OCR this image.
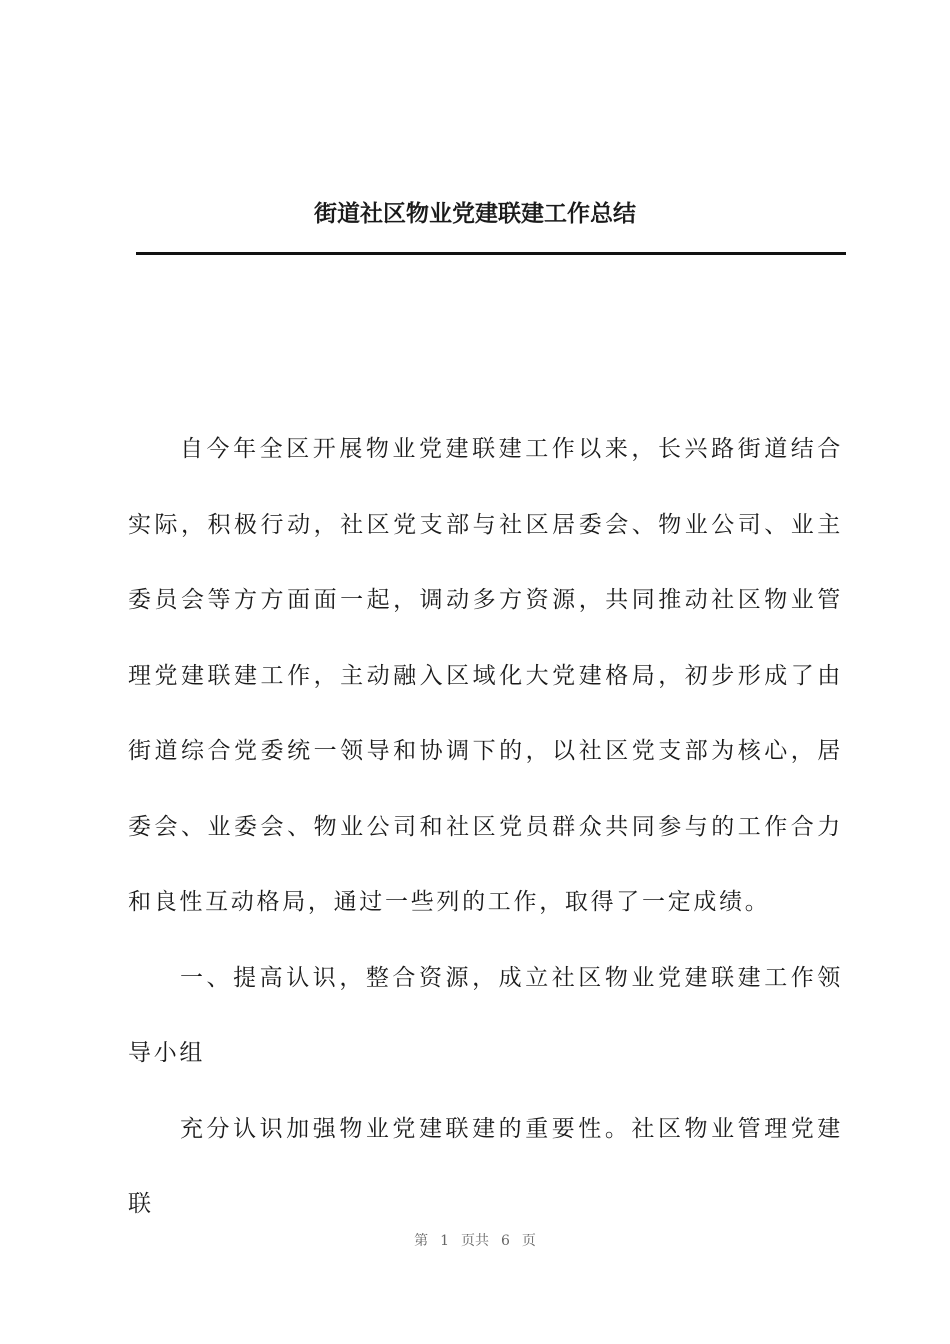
街道社区物业党建联建工作总结

自今年全区开展物业党建联建工作以来，长兴路街道结合实际，积极行动，社区党支部与社区居委会、物业公司、业主委员会等方方面面一起，调动多方资源，共同推动社区物业管理党建联建工作，主动融入区域化大党建格局，初步形成了由街道综合党委统一领导和协调下的，以社区党支部为核心，居委会、业委会、物业公司和社区党员群众共同参与的工作合力和良性互动格局，通过一些列的工作，取得了一定成绩。

一、提高认识，整合资源，成立社区物业党建联建工作领导小组

充分认识加强物业党建联建的重要性。社区物业管理党建联

第 1 页共 6 页
